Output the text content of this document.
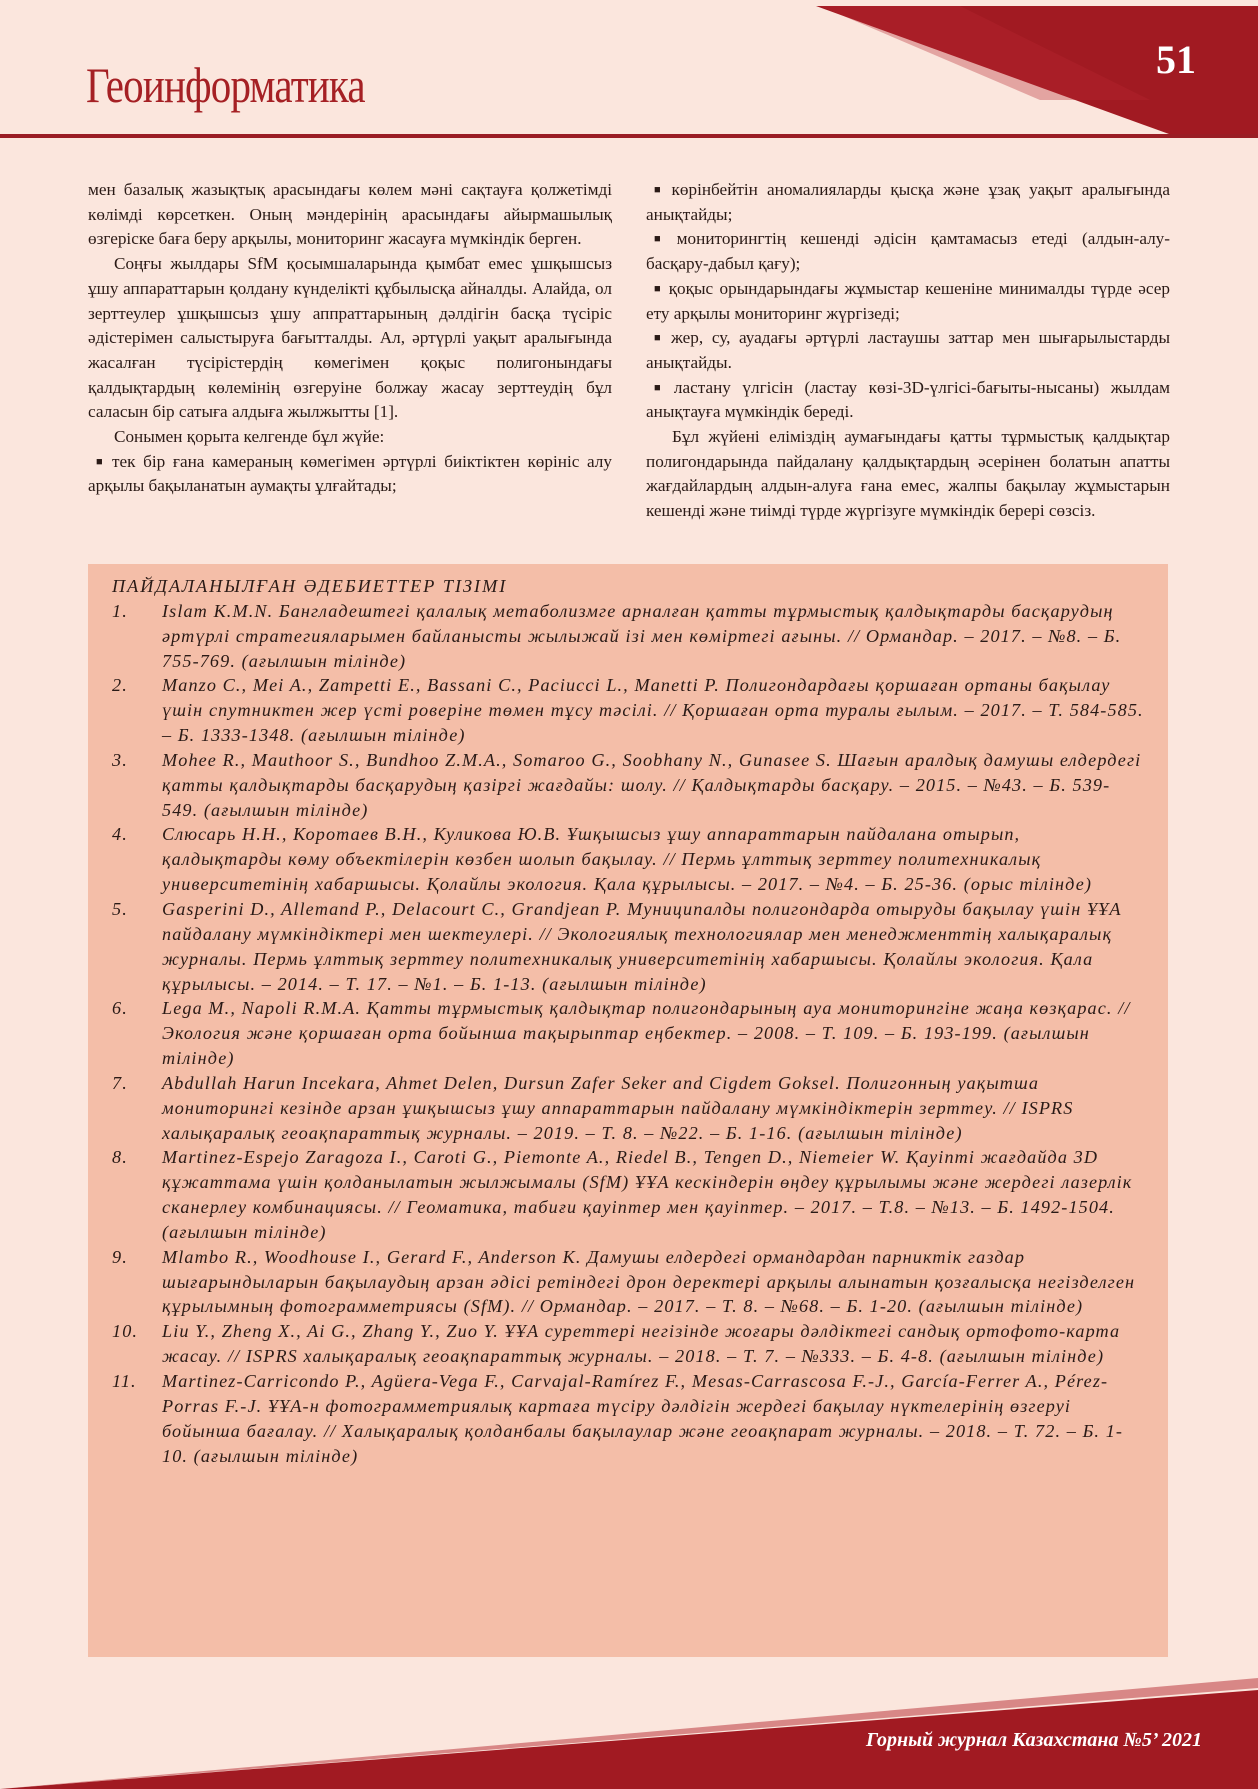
Геоинформатика	51

мен базалық жазықтық арасындағы көлем мәні сақтауға қолжетімді көлімді көрсеткен. Оның мәндерінің арасындағы айырмашылық өзгеріске баға беру арқылы, мониторинг жасауға мүмкіндік берген.

Соңғы жылдары SfM қосымшаларында қымбат емес ұшқышсыз ұшу аппараттарын қолдану күнделікті құбылысқа айналды. Алайда, ол зерттеулер ұшқышсыз ұшу аппраттарының дәлдігін басқа түсіріс әдістерімен салыстыруға бағытталды. Ал, әртүрлі уақыт аралығында жасалған түсірістердің көмегімен қоқыс полигонындағы қалдықтардың көлемінің өзгеруіне болжау жасау зерттеудің бұл саласын бір сатыға алдыға жылжытты [1].

Сонымен қорыта келгенде бұл жүйе:

■ тек бір ғана камераның көмегімен әртүрлі биіктіктен көрініс алу арқылы бақыланатын аумақты ұлғайтады;

■ көрінбейтін аномалияларды қысқа және ұзақ уақыт аралығында анықтайды;

■ мониторингтің кешенді әдісін қамтамасыз етеді (алдын-алу-басқару-дабыл қағу);

■ қоқыс орындарындағы жұмыстар кешеніне минималды түрде әсер ету арқылы мониторинг жүргізеді;

■ жер, су, ауадағы әртүрлі ластаушы заттар мен шығарылыстарды анықтайды.

■ ластану үлгісін (ластау көзі-3D-үлгісі-бағыты-нысаны) жылдам анықтауға мүмкіндік береді.

Бұл жүйені еліміздің аумағындағы қатты тұрмыстық қалдықтар полигондарында пайдалану қалдықтардың әсерінен болатын апатты жағдайлардың алдын-алуға ғана емес, жалпы бақылау жұмыстарын кешенді және тиімді түрде жүргізуге мүмкіндік берері сөзсіз.

ПАЙДАЛАНЫЛҒАН ӘДЕБИЕТТЕР ТІЗІМІ
1.	Islam K.M.N. Бангладештегі қалалық метаболизмге арналған қатты тұрмыстық қалдықтарды басқарудың әртүрлі стратегияларымен байланысты жылыжай ізі мен көміртегі ағыны. // Ормандар. – 2017. – №8. – Б. 755-769. (ағылшын тілінде)
2.	Manzo C., Mei A., Zampetti E., Bassani C., Paciucci L., Manetti P. Полигондардағы қоршаған ортаны бақылау үшін спутниктен жер үсті роверіне төмен тұсу тәсілі. // Қоршаған орта туралы ғылым. – 2017. – Т. 584-585. – Б. 1333-1348. (ағылшын тілінде)
3.	Mohee R., Mauthoor S., Bundhoo Z.M.A., Somaroo G., Soobhany N., Gunasee S. Шағын аралдық дамушы елдердегі қатты қалдықтарды басқарудың қазіргі жағдайы: шолу. // Қалдықтарды басқару. – 2015. – №43. – Б. 539-549. (ағылшын тілінде)
4.	Слюсарь Н.Н., Коротаев В.Н., Куликова Ю.В. Ұшқышсыз ұшу аппараттарын пайдалана отырып, қалдықтарды көму объектілерін көзбен шолып бақылау. // Пермь ұлттық зерттеу политехникалық университетінің хабаршысы. Қолайлы экология. Қала құрылысы. – 2017. – №4. – Б. 25-36. (орыс тілінде)
5.	Gasperini D., Allemand P., Delacourt C., Grandjean P. Муниципалды полигондарда отыруды бақылау үшін ҰҰА пайдалану мүмкіндіктері мен шектеулері. // Экологиялық технологиялар мен менеджменттің халықаралық журналы. Пермь ұлттық зерттеу политехникалық университетінің хабаршысы. Қолайлы экология. Қала құрылысы. – 2014. – Т. 17. – №1. – Б. 1-13. (ағылшын тілінде)
6.	Lega M., Napoli R.M.A. Қатты тұрмыстық қалдықтар полигондарының ауа мониторингіне жаңа көзқарас. // Экология және қоршаған орта бойынша тақырыптар еңбектер. – 2008. – Т. 109. – Б. 193-199. (ағылшын тілінде)
7.	Abdullah Harun Incekara, Ahmet Delen, Dursun Zafer Seker and Cigdem Goksel. Полигонның уақытша мониторингі кезінде арзан ұшқышсыз ұшу аппараттарын пайдалану мүмкіндіктерін зерттеу. // ISPRS халықаралық геоақпараттық журналы. – 2019. – Т. 8. – №22. – Б. 1-16. (ағылшын тілінде)
8.	Martinez-Espejo Zaragoza I., Caroti G., Piemonte A., Riedel B., Tengen D., Niemeier W. Қауіпті жағдайда 3D құжаттама үшін қолданылатын жылжымалы (SfM) ҰҰА кескіндерін өңдеу құрылымы және жердегі лазерлік сканерлеу комбинациясы. // Геоматика, табиғи қауіптер мен қауіптер. – 2017. – Т.8. – №13. – Б. 1492-1504. (ағылшын тілінде)
9.	Mlambo R., Woodhouse I., Gerard F., Anderson K. Дамушы елдердегі ормандардан парниктік газдар шығарындыларын бақылаудың арзан әдісі ретіндегі дрон деректері арқылы алынатын қозғалысқа негізделген құрылымның фотограмметриясы (SfM). // Ормандар. – 2017. – Т. 8. – №68. – Б. 1-20. (ағылшын тілінде)
10.	Liu Y., Zheng X., Ai G., Zhang Y., Zuo Y. ҰҰА суреттері негізінде жоғары дәлдіктегі сандық ортофото-карта жасау. // ISPRS халықаралық геоақпараттық журналы. – 2018. – Т. 7. – №333. – Б. 4-8. (ағылшын тілінде)
11.	Martinez-Carricondo P., Agüera-Vega F., Carvajal-Ramírez F., Mesas-Carrascosa F.-J., García-Ferrer A., Pérez-Porras F.-J. ҰҰА-н фотограмметриялық картаға түсіру дәлдігін жердегі бақылау нүктелерінің өзгеруі бойынша бағалау. // Халықаралық қолданбалы бақылаулар және геоақпарат журналы. – 2018. – Т. 72. – Б. 1-10. (ағылшын тілінде)
Горный журнал Казахстана №5’ 2021
